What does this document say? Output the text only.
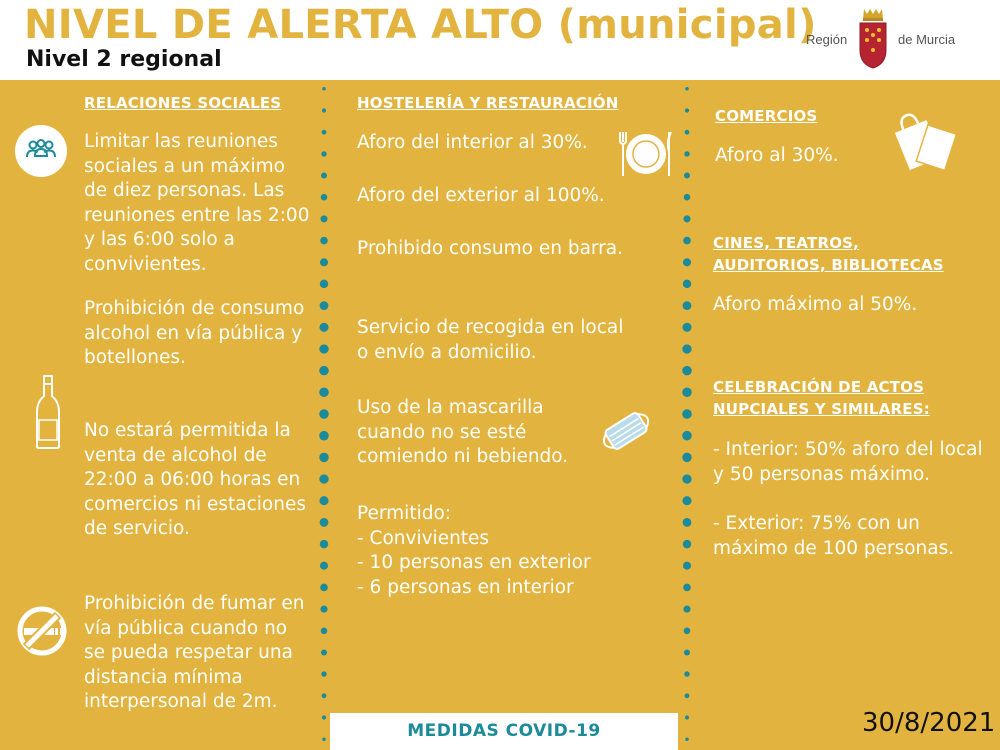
NIVEL DE ALERTA ALTO (municipal)
Nivel 2 regional
Región	de Murcia
RELACIONES SOCIALES
Limitar las reuniones sociales a un máximo de diez personas. Las reuniones entre las 2:00 y las 6:00 solo a convivientes.
Prohibición de consumo alcohol en vía pública y botellones.
No estará permitida la venta de alcohol de 22:00 a 06:00 horas en comercios ni estaciones de servicio.
Prohibición de fumar en vía pública cuando no se pueda respetar una distancia mínima interpersonal de 2m.
HOSTELERÍA Y RESTAURACIÓN
Aforo del interior al 30%.
Aforo del exterior al 100%.
Prohibido consumo en barra.
Servicio de recogida en local o envío a domicilio.
Uso de la mascarilla cuando no se esté comiendo ni bebiendo.
Permitido:
- Convivientes
- 10 personas en exterior
- 6 personas en interior
COMERCIOS
Aforo al 30%.
CINES, TEATROS,
AUDITORIOS, BIBLIOTECAS
Aforo máximo al 50%.
CELEBRACIÓN DE ACTOS
NUPCIALES Y SIMILARES:
- Interior: 50% aforo del local y 50 personas máximo.
- Exterior: 75% con un máximo de 100 personas.
MEDIDAS COVID-19	30/8/2021
